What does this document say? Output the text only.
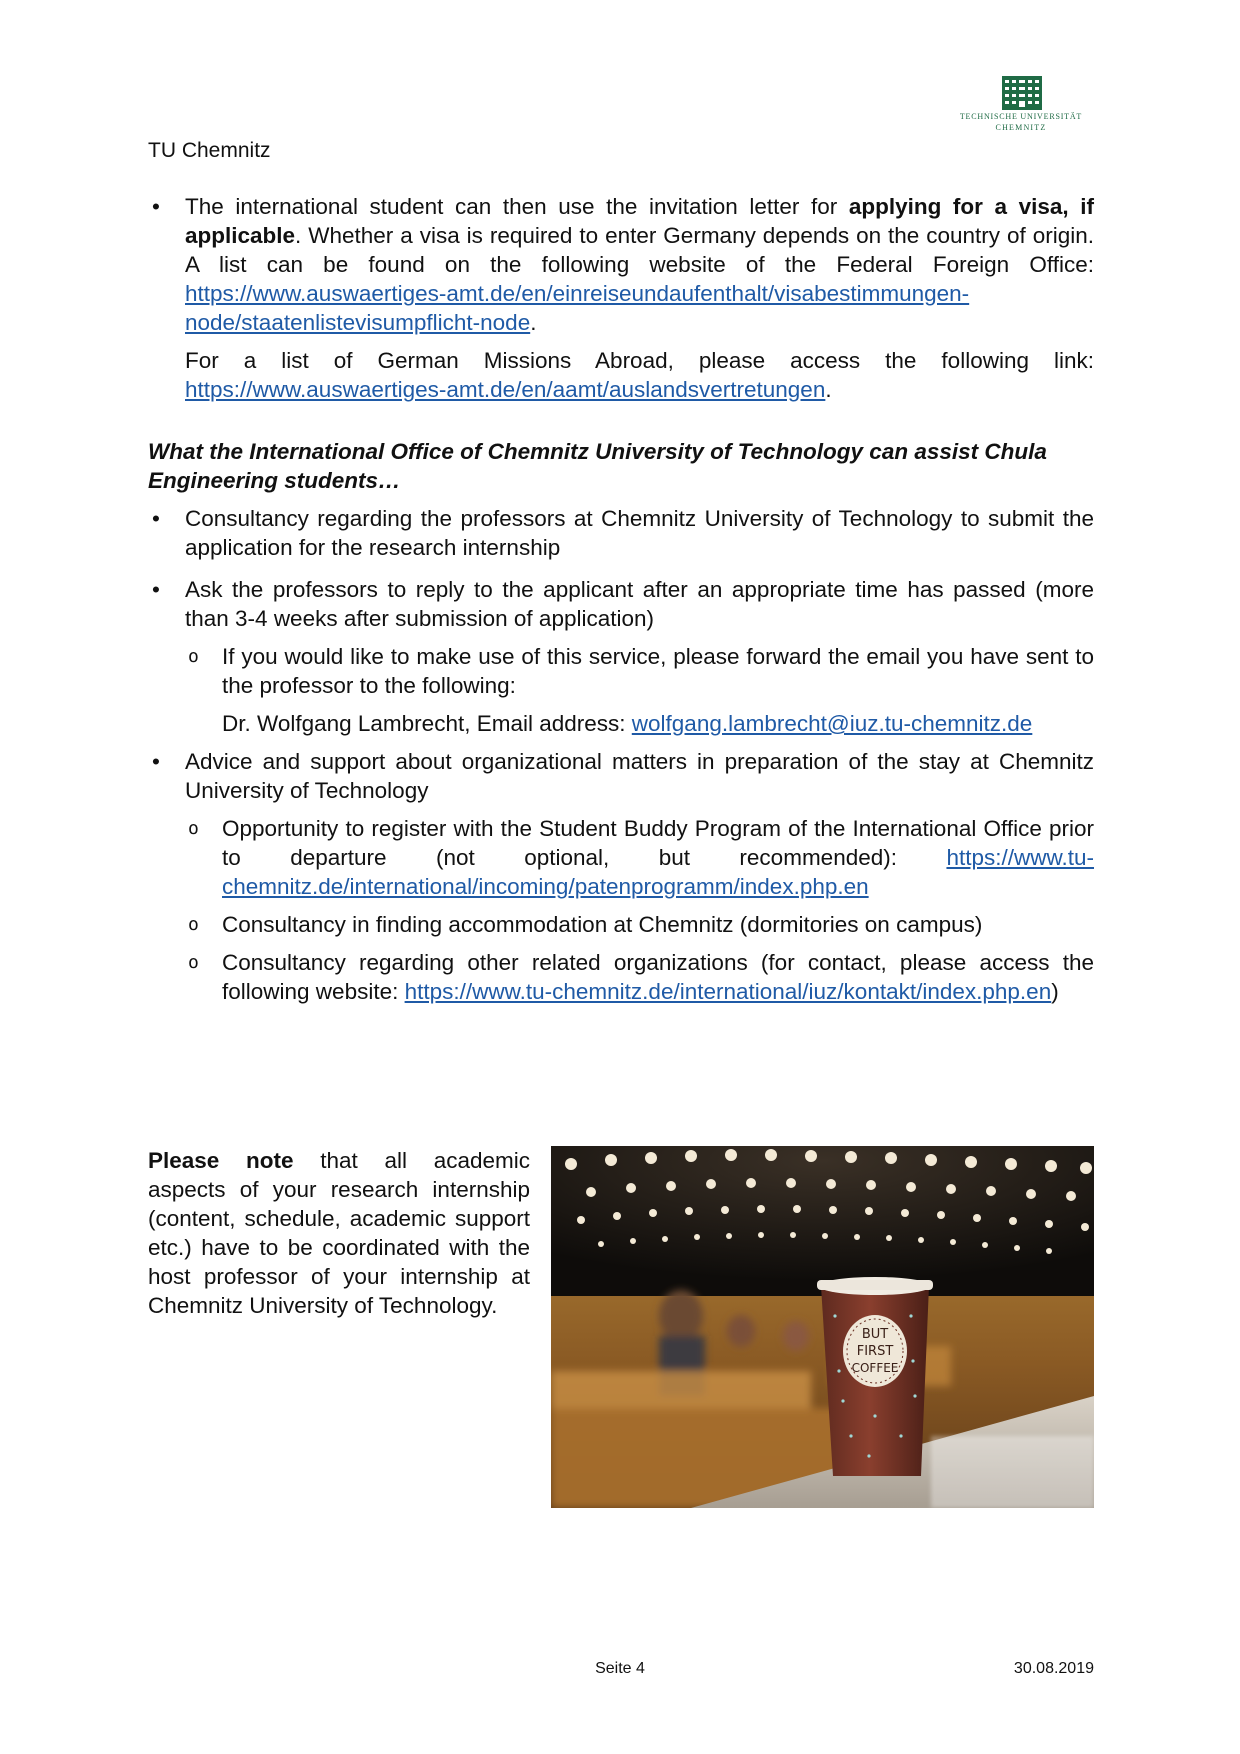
TECHNISCHE UNIVERSITÄT
CHEMNITZ
TU Chemnitz
• The international student can then use the invitation letter for applying for a visa, if applicable. Whether a visa is required to enter Germany depends on the country of origin. A list can be found on the following website of the Federal Foreign Office: https://www.auswaertiges-amt.de/en/einreiseundaufenthalt/visabestimmungen-node/staatenlistevisumpflicht-node.

For a list of German Missions Abroad, please access the following link: https://www.auswaertiges-amt.de/en/aamt/auslandsvertretungen.

What the International Office of Chemnitz University of Technology can assist Chula Engineering students…

• Consultancy regarding the professors at Chemnitz University of Technology to submit the application for the research internship

• Ask the professors to reply to the applicant after an appropriate time has passed (more than 3-4 weeks after submission of application)

o If you would like to make use of this service, please forward the email you have sent to the professor to the following:

Dr. Wolfgang Lambrecht, Email address: wolfgang.lambrecht@iuz.tu-chemnitz.de

• Advice and support about organizational matters in preparation of the stay at Chemnitz University of Technology

o Opportunity to register with the Student Buddy Program of the International Office prior to departure (not optional, but recommended): https://www.tu-chemnitz.de/international/incoming/patenprogramm/index.php.en

o Consultancy in finding accommodation at Chemnitz (dormitories on campus)

o Consultancy regarding other related organizations (for contact, please access the following website: https://www.tu-chemnitz.de/international/iuz/kontakt/index.php.en)

Please note that all academic aspects of your research internship (content, schedule, academic support etc.) have to be coordinated with the host professor of your internship at Chemnitz University of Technology.

BUT
FIRST
COFFEE
Seite 4	30.08.2019
